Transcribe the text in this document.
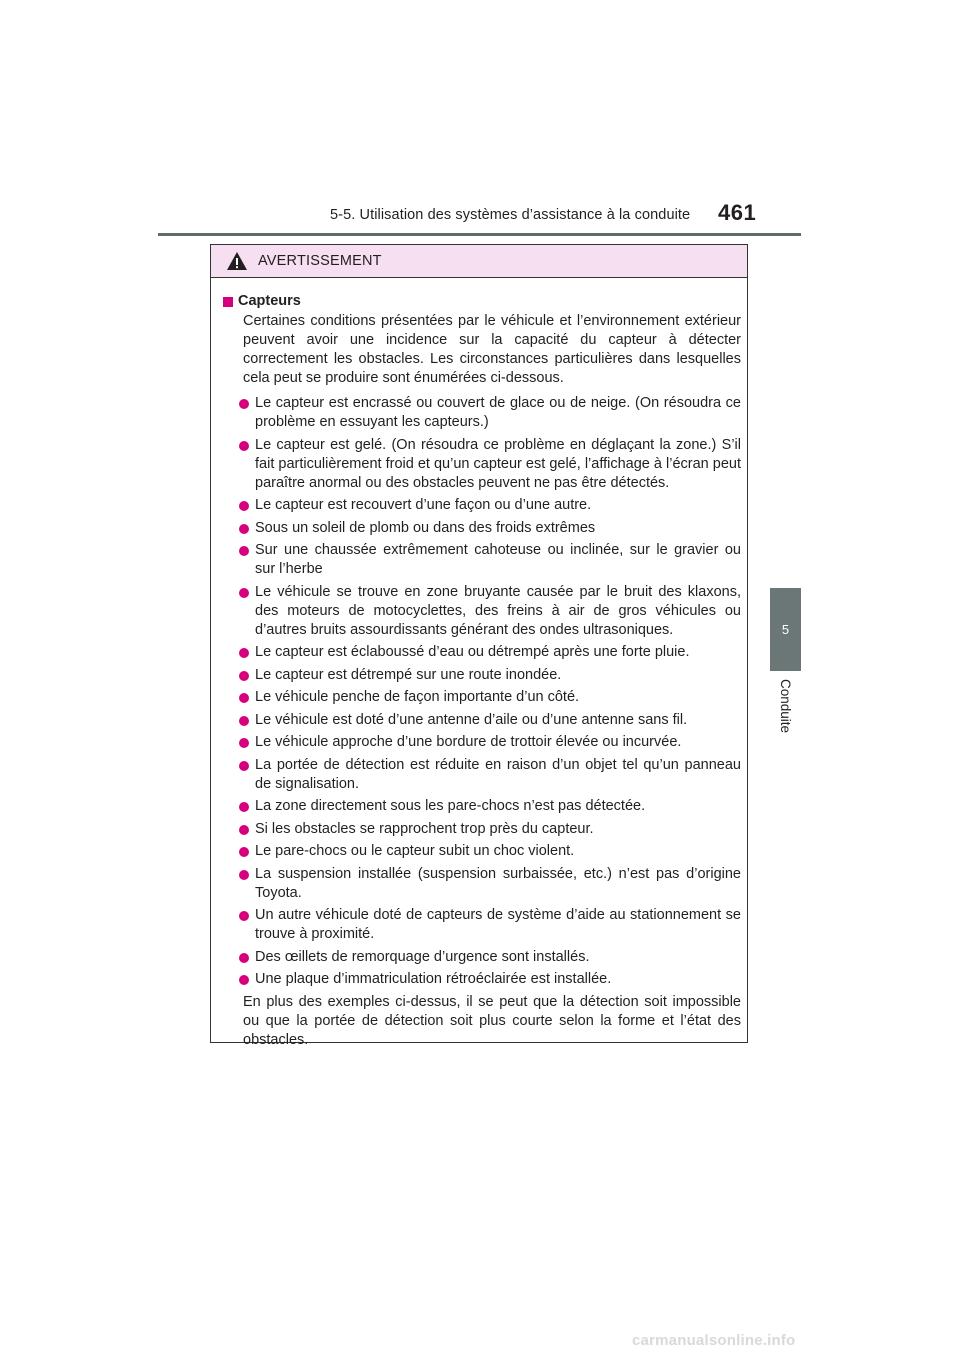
5-5. Utilisation des systèmes d’assistance à la conduite 461
5
Conduite
AVERTISSEMENT
Capteurs

Certaines conditions présentées par le véhicule et l’environnement extérieur peuvent avoir une incidence sur la capacité du capteur à détecter correctement les obstacles. Les circonstances particulières dans lesquelles cela peut se produire sont énumérées ci-dessous.

Le capteur est encrassé ou couvert de glace ou de neige. (On résoudra ce problème en essuyant les capteurs.)
Le capteur est gelé. (On résoudra ce problème en déglaçant la zone.) S’il fait particulièrement froid et qu’un capteur est gelé, l’affichage à l’écran peut paraître anormal ou des obstacles peuvent ne pas être détectés.
Le capteur est recouvert d’une façon ou d’une autre.
Sous un soleil de plomb ou dans des froids extrêmes
Sur une chaussée extrêmement cahoteuse ou inclinée, sur le gravier ou sur l’herbe
Le véhicule se trouve en zone bruyante causée par le bruit des klaxons, des moteurs de motocyclettes, des freins à air de gros véhicules ou d’autres bruits assourdissants générant des ondes ultrasoniques.
Le capteur est éclaboussé d’eau ou détrempé après une forte pluie.
Le capteur est détrempé sur une route inondée.
Le véhicule penche de façon importante d’un côté.
Le véhicule est doté d’une antenne d’aile ou d’une antenne sans fil.
Le véhicule approche d’une bordure de trottoir élevée ou incurvée.
La portée de détection est réduite en raison d’un objet tel qu’un panneau de signalisation.
La zone directement sous les pare-chocs n’est pas détectée.
Si les obstacles se rapprochent trop près du capteur.
Le pare-chocs ou le capteur subit un choc violent.
La suspension installée (suspension surbaissée, etc.) n’est pas d’origine Toyota.
Un autre véhicule doté de capteurs de système d’aide au stationnement se trouve à proximité.
Des œillets de remorquage d’urgence sont installés.
Une plaque d’immatriculation rétroéclairée est installée.

En plus des exemples ci-dessus, il se peut que la détection soit impossible ou que la portée de détection soit plus courte selon la forme et l’état des obstacles.

carmanualsonline.info
